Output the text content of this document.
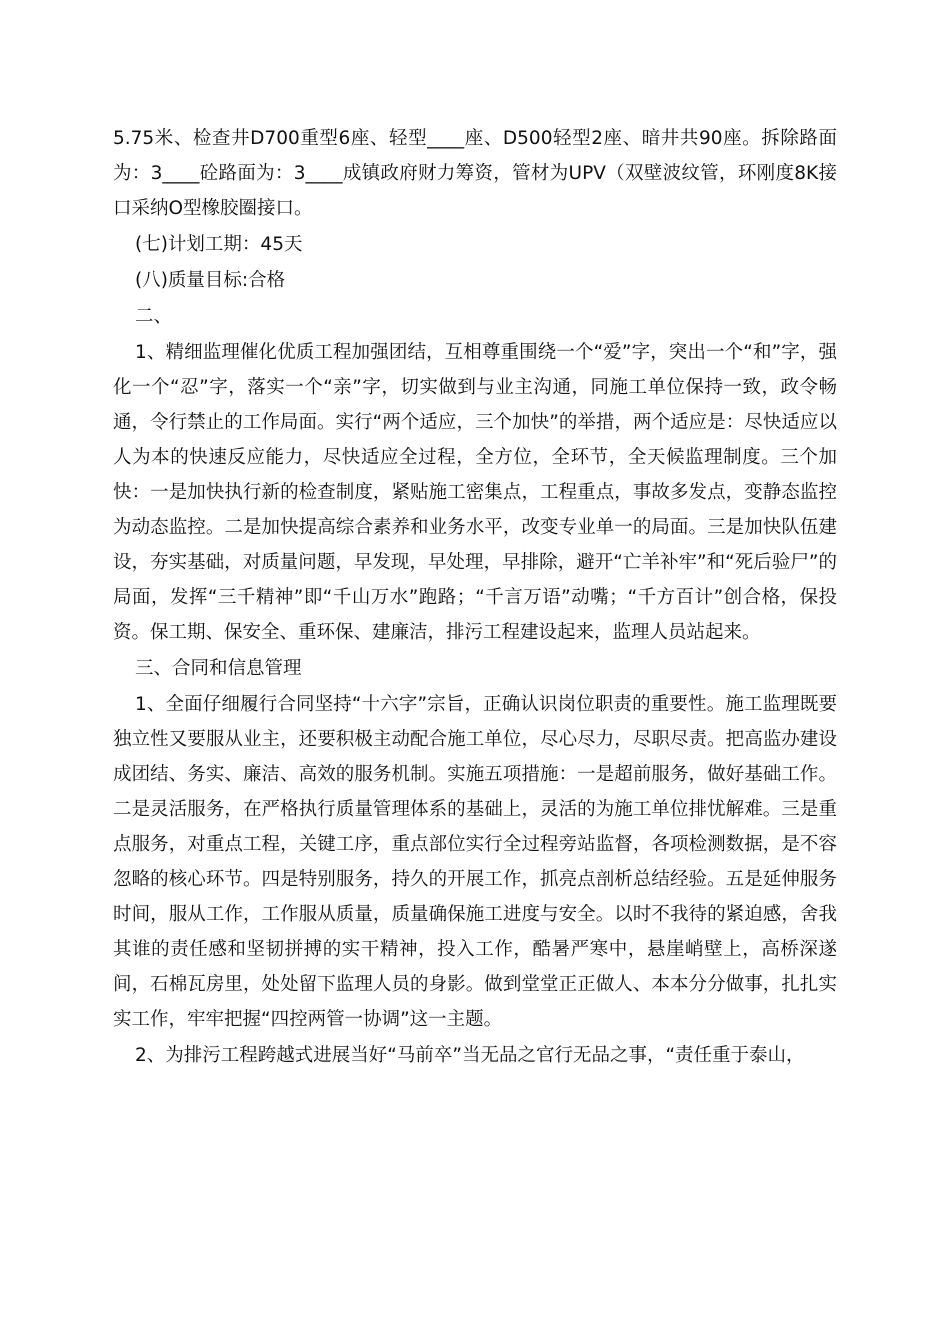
5.75米、检查井D700重型6座、轻型____座、D500轻型2座、暗井共90座。拆除路面为：3____砼路面为：3____成镇政府财力筹资，管材为UPV（双壁波纹管，环刚度8K接口采纳O型橡胶圈接口。

(七)计划工期：45天

(八)质量目标:合格

二、

1、精细监理催化优质工程加强团结，互相尊重围绕一个“爱”字，突出一个“和”字，强化一个“忍”字，落实一个“亲”字，切实做到与业主沟通，同施工单位保持一致，政令畅通，令行禁止的工作局面。实行“两个适应，三个加快”的举措，两个适应是：尽快适应以人为本的快速反应能力，尽快适应全过程，全方位，全环节，全天候监理制度。三个加快：一是加快执行新的检查制度，紧贴施工密集点，工程重点，事故多发点，变静态监控为动态监控。二是加快提高综合素养和业务水平，改变专业单一的局面。三是加快队伍建设，夯实基础，对质量问题，早发现，早处理，早排除，避开“亡羊补牢”和“死后验尸”的局面，发挥“三千精神”即“千山万水”跑路；“千言万语”动嘴；“千方百计”创合格，保投资。保工期、保安全、重环保、建廉洁，排污工程建设起来，监理人员站起来。

三、合同和信息管理

1、全面仔细履行合同坚持“十六字”宗旨，正确认识岗位职责的重要性。施工监理既要独立性又要服从业主，还要积极主动配合施工单位，尽心尽力，尽职尽责。把高监办建设成团结、务实、廉洁、高效的服务机制。实施五项措施：一是超前服务，做好基础工作。二是灵活服务，在严格执行质量管理体系的基础上，灵活的为施工单位排忧解难。三是重点服务，对重点工程，关键工序，重点部位实行全过程旁站监督，各项检测数据，是不容忽略的核心环节。四是特别服务，持久的开展工作，抓亮点剖析总结经验。五是延伸服务时间，服从工作，工作服从质量，质量确保施工进度与安全。以时不我待的紧迫感，舍我其谁的责任感和坚韧拼搏的实干精神，投入工作，酷暑严寒中，悬崖峭壁上，高桥深遂间，石棉瓦房里，处处留下监理人员的身影。做到堂堂正正做人、本本分分做事，扎扎实实工作，牢牢把握“四控两管一协调”这一主题。

2、为排污工程跨越式进展当好“马前卒”当无品之官行无品之事，“责任重于泰山，
